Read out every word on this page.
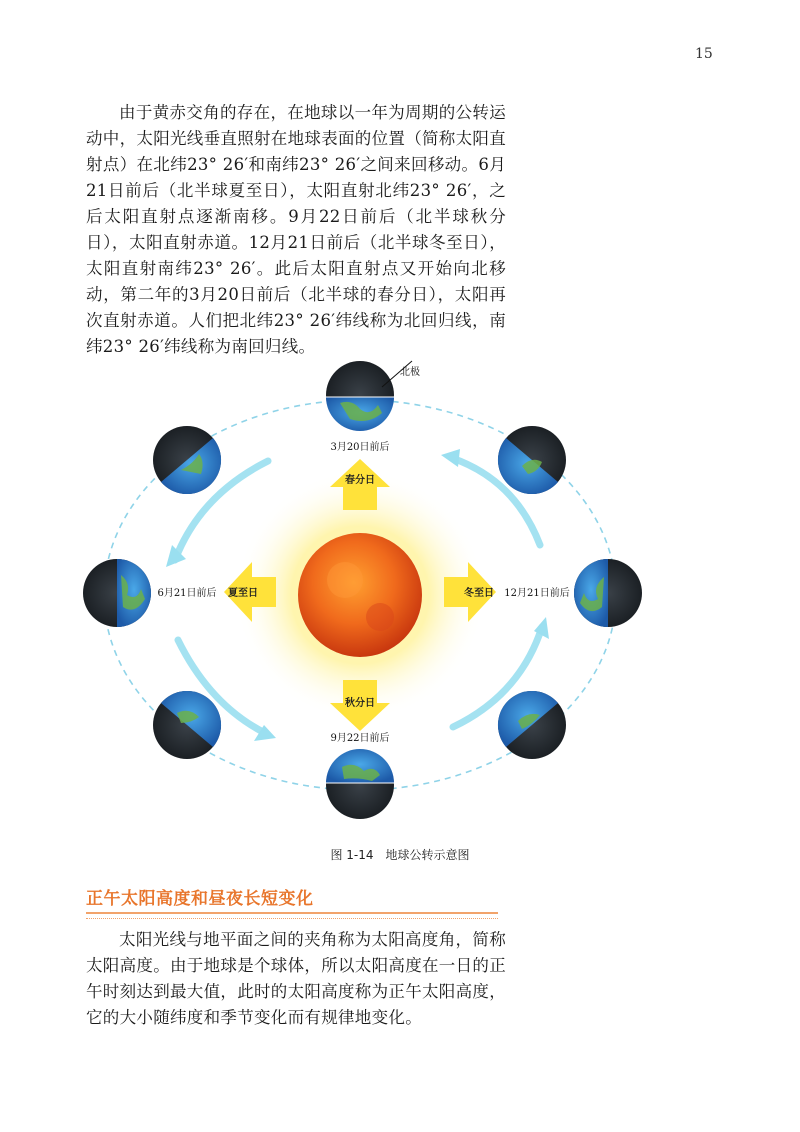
15

由于黄赤交角的存在，在地球以一年为周期的公转运动中，太阳光线垂直照射在地球表面的位置（简称太阳直射点）在北纬23° 26′和南纬23° 26′之间来回移动。6月21日前后（北半球夏至日），太阳直射北纬23° 26′，之后太阳直射点逐渐南移。9月22日前后（北半球秋分日），太阳直射赤道。12月21日前后（北半球冬至日），太阳直射南纬23° 26′。此后太阳直射点又开始向北移动，第二年的3月20日前后（北半球的春分日），太阳再次直射赤道。人们把北纬23° 26′纬线称为北回归线，南纬23° 26′纬线称为南回归线。

北极
3月20日前后
春分日
6月21日前后 夏至日
秋分日
9月22日前后
冬至日 12月21日前后
图 1-14 地球公转示意图
正午太阳高度和昼夜长短变化

太阳光线与地平面之间的夹角称为太阳高度角，简称太阳高度。由于地球是个球体，所以太阳高度在一日的正午时刻达到最大值，此时的太阳高度称为正午太阳高度，它的大小随纬度和季节变化而有规律地变化。
